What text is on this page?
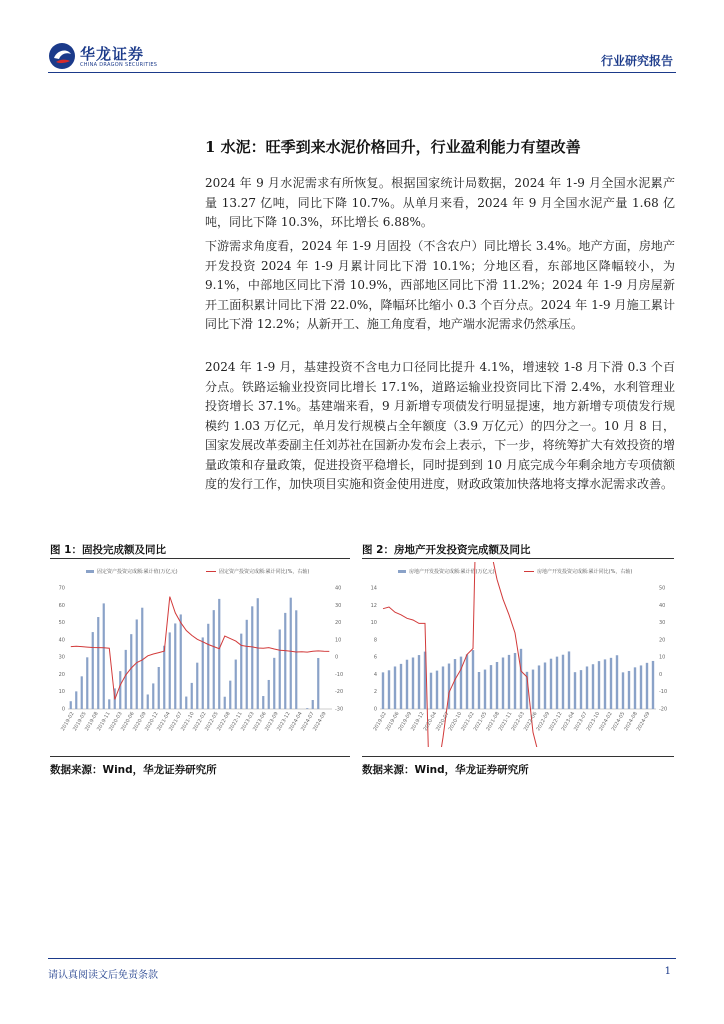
华龙证券
CHINA DRAGON SECURITIES	行业研究报告
1 水泥：旺季到来水泥价格回升，行业盈利能力有望改善

2024 年 9 月水泥需求有所恢复。根据国家统计局数据，2024 年 1-9 月全国水泥累产量 13.27 亿吨，同比下降 10.7%。从单月来看，2024 年 9 月全国水泥产量 1.68 亿吨，同比下降 10.3%，环比增长 6.88%。

下游需求角度看，2024 年 1-9 月固投（不含农户）同比增长 3.4%。地产方面，房地产开发投资 2024 年 1-9 月累计同比下滑 10.1%；分地区看，东部地区降幅较小，为 9.1%，中部地区同比下滑 10.9%，西部地区同比下滑 11.2%；2024 年 1-9 月房屋新开工面积累计同比下滑 22.0%，降幅环比缩小 0.3 个百分点。2024 年 1-9 月施工累计同比下滑 12.2%；从新开工、施工角度看，地产端水泥需求仍然承压。

2024 年 1-9 月，基建投资不含电力口径同比提升 4.1%，增速较 1-8 月下滑 0.3 个百分点。铁路运输业投资同比增长 17.1%，道路运输业投资同比下滑 2.4%，水利管理业投资增长 37.1%。基建端来看，9 月新增专项债发行明显提速，地方新增专项债发行规模约 1.03 万亿元，单月发行规模占全年额度（3.9 万亿元）的四分之一。10 月 8 日，国家发展改革委副主任刘苏社在国新办发布会上表示，下一步，将统筹扩大有效投资的增量政策和存量政策，促进投资平稳增长，同时提到到 10 月底完成今年剩余地方专项债额度的发行工作，加快项目实施和资金使用进度，财政政策加快落地将支撑水泥需求改善。

图 1：固投完成额及同比
固定资产投资完成额:累计值(万亿元)	固定资产投资完成额:累计同比(%，右轴)
0
10
20
30
40
50
60
70
-30
-20
-10
0
10
20
30
40
2019-02
2019-05
2019-08
2019-11
2020-03
2020-06
2020-09
2020-12
2021-04
2021-07
2021-10
2022-02
2022-05
2022-08
2022-11
2023-03
2023-06
2023-09
2023-12
2024-04
2024-07
2024-09
数据来源：Wind，华龙证券研究所
图 2：房地产开发投资完成额及同比
房地产开发投资完成额:累计值(万亿元)	房地产开发投资完成额:累计同比(%，右轴)
0
2
4
6
8
10
12
14
-20
-10
0
10
20
30
40
50
2019-02
2019-06
2019-09
2019-12
2020-04
2020-07
2020-10
2021-02
2021-05
2021-08
2021-11
2022-03
2022-06
2022-09
2022-12
2023-04
2023-07
2023-10
2024-02
2024-05
2024-08
2024-09
数据来源：Wind，华龙证券研究所
请认真阅读文后免责条款	1
